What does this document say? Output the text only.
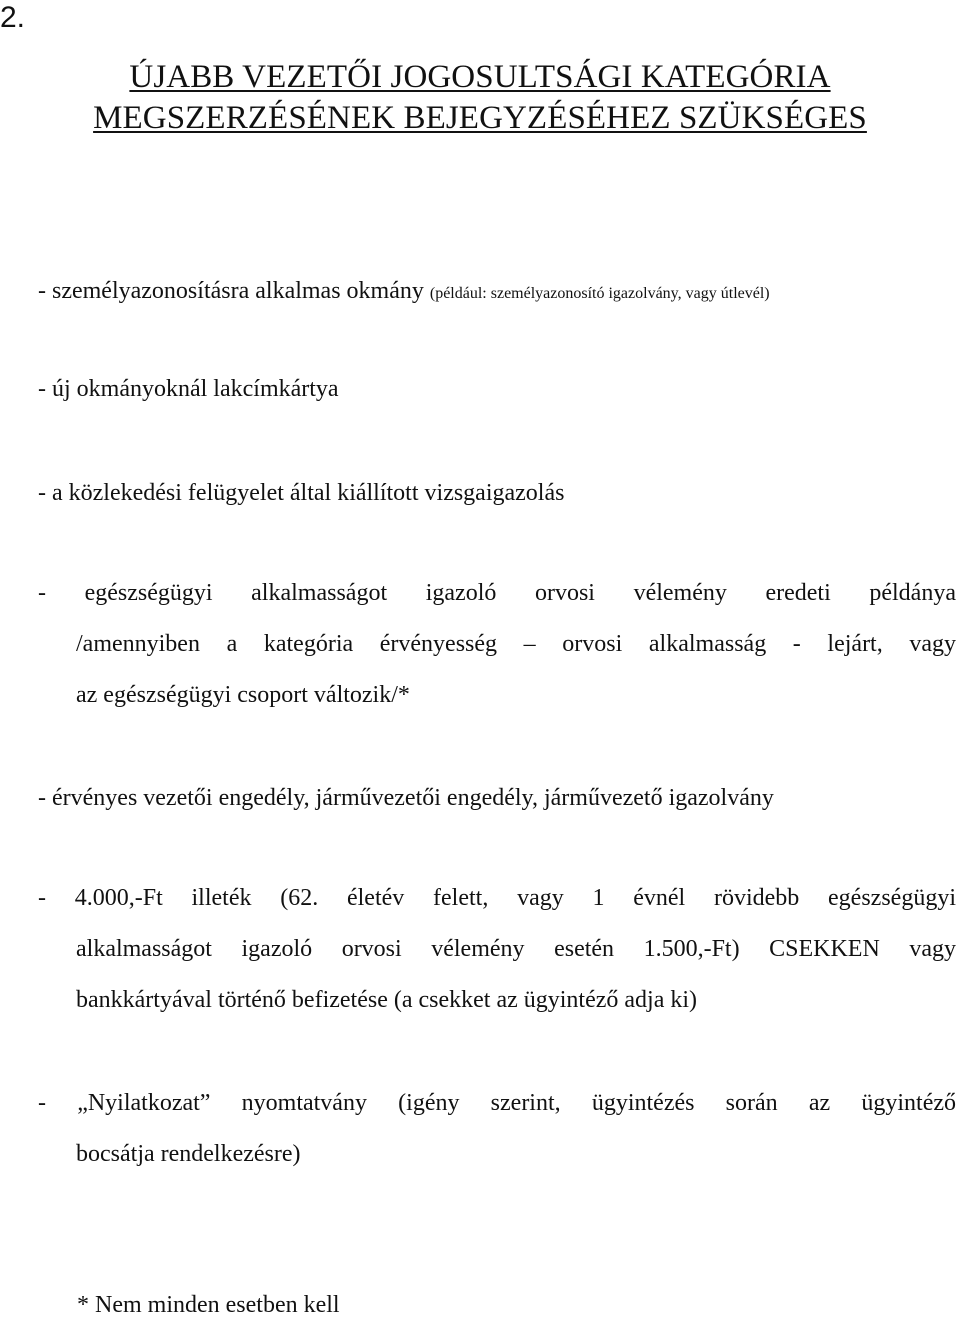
2.
ÚJABB VEZETŐI JOGOSULTSÁGI KATEGÓRIA
MEGSZERZÉSÉNEK BEJEGYZÉSÉHEZ SZÜKSÉGES
- személyazonosításra alkalmas okmány (például: személyazonosító igazolvány, vagy útlevél)
- új okmányoknál lakcímkártya
- a közlekedési felügyelet által kiállított vizsgaigazolás
- egészségügyi alkalmasságot igazoló orvosi vélemény eredeti példánya
/amennyiben a kategória érvényesség – orvosi alkalmasság - lejárt, vagy
az egészségügyi csoport változik/*
- érvényes vezetői engedély, járművezetői engedély, járművezető igazolvány
- 4.000,-Ft illeték (62. életév felett, vagy 1 évnél rövidebb egészségügyi
alkalmasságot igazoló orvosi vélemény esetén 1.500,-Ft) CSEKKEN vagy
bankkártyával történő befizetése (a csekket az ügyintéző adja ki)
- „Nyilatkozat” nyomtatvány (igény szerint, ügyintézés során az ügyintéző
bocsátja rendelkezésre)
* Nem minden esetben kell
